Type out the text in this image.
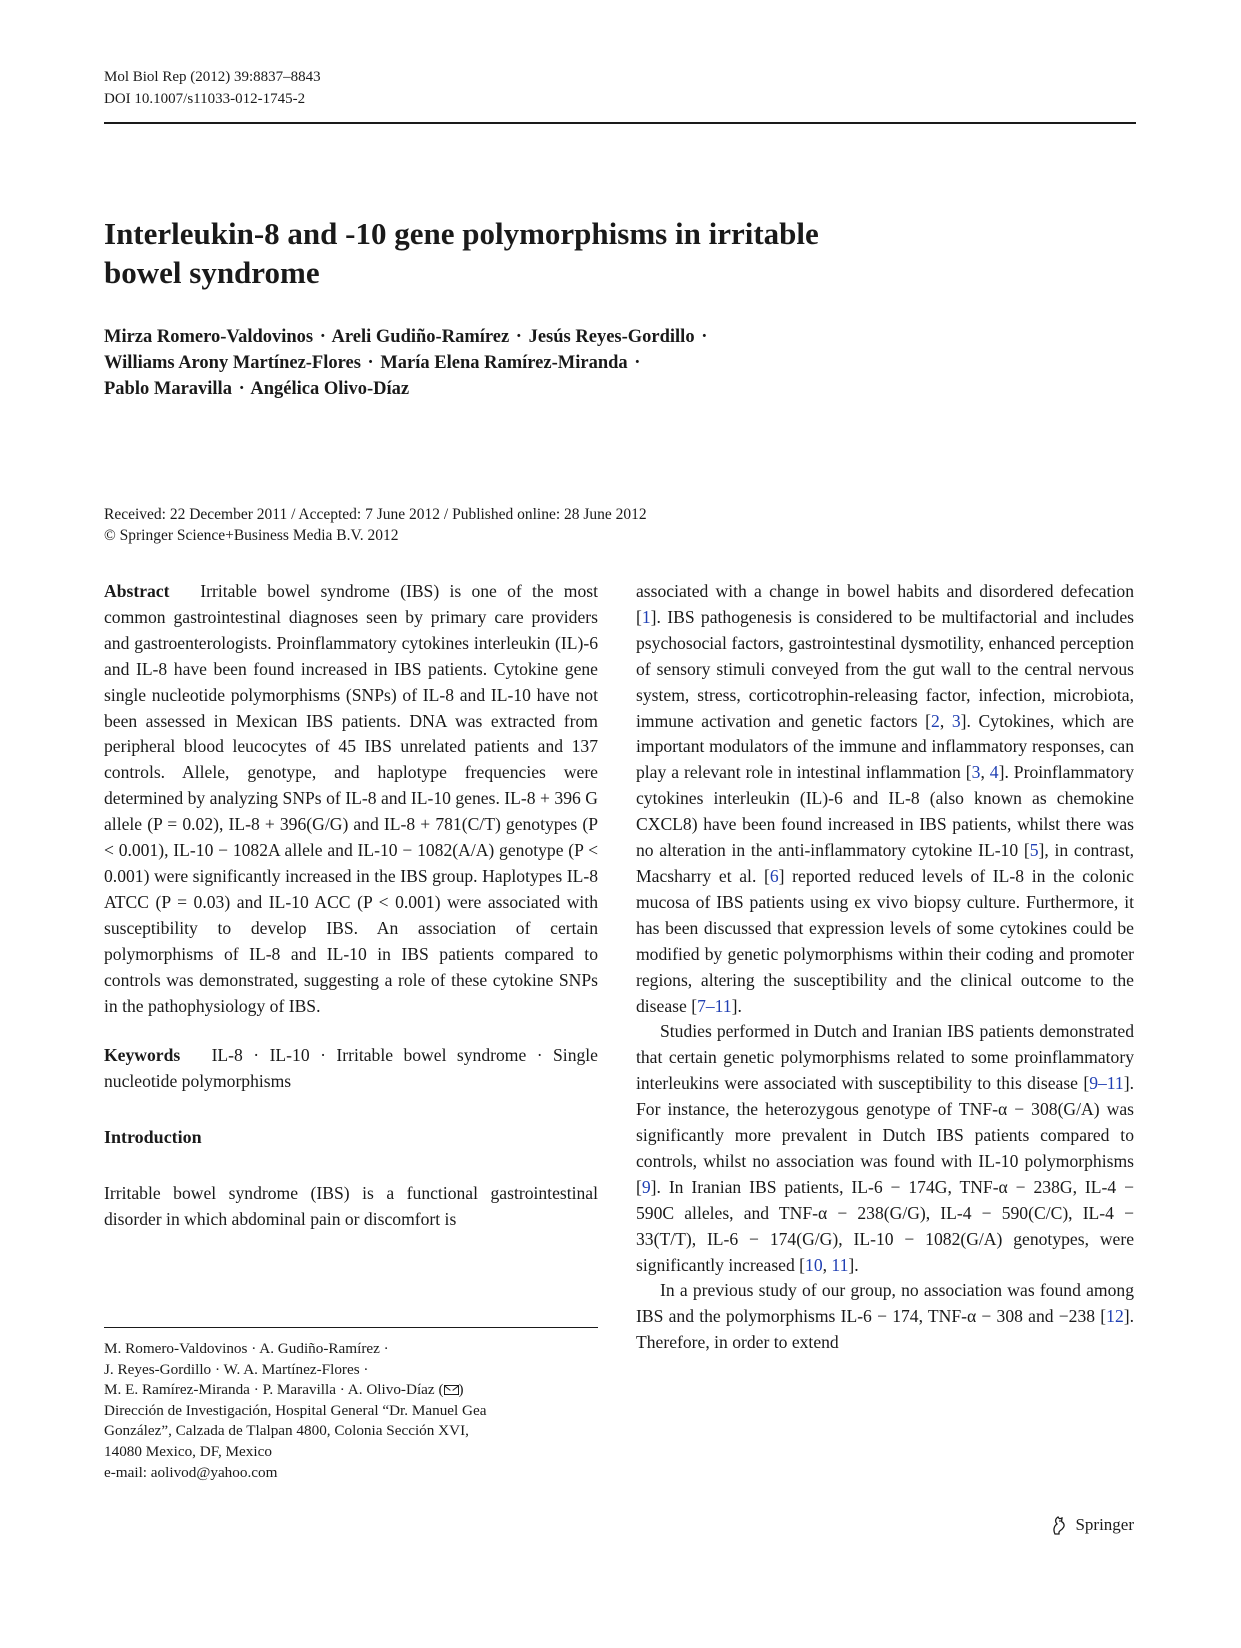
Mol Biol Rep (2012) 39:8837–8843
DOI 10.1007/s11033-012-1745-2
Interleukin-8 and -10 gene polymorphisms in irritable
bowel syndrome
Mirza Romero-Valdovinos · Areli Gudiño-Ramírez · Jesús Reyes-Gordillo ·
Williams Arony Martínez-Flores · María Elena Ramírez-Miranda ·
Pablo Maravilla · Angélica Olivo-Díaz
Received: 22 December 2011 / Accepted: 7 June 2012 / Published online: 28 June 2012
© Springer Science+Business Media B.V. 2012

Abstract Irritable bowel syndrome (IBS) is one of the most common gastrointestinal diagnoses seen by primary care providers and gastroenterologists. Proinflammatory cytokines interleukin (IL)-6 and IL-8 have been found increased in IBS patients. Cytokine gene single nucleotide polymorphisms (SNPs) of IL-8 and IL-10 have not been assessed in Mexican IBS patients. DNA was extracted from peripheral blood leucocytes of 45 IBS unrelated patients and 137 controls. Allele, genotype, and haplotype frequencies were determined by analyzing SNPs of IL-8 and IL-10 genes. IL-8 + 396 G allele (P = 0.02), IL-8 + 396(G/G) and IL-8 + 781(C/T) genotypes (P < 0.001), IL-10 − 1082A allele and IL-10 − 1082(A/A) genotype (P < 0.001) were significantly increased in the IBS group. Haplotypes IL-8 ATCC (P = 0.03) and IL-10 ACC (P < 0.001) were associated with susceptibility to develop IBS. An association of certain polymorphisms of IL-8 and IL-10 in IBS patients compared to controls was demonstrated, suggesting a role of these cytokine SNPs in the pathophysiology of IBS.

Keywords IL-8 · IL-10 · Irritable bowel syndrome · Single nucleotide polymorphisms

Introduction

Irritable bowel syndrome (IBS) is a functional gastrointestinal disorder in which abdominal pain or discomfort is

M. Romero-Valdovinos · A. Gudiño-Ramírez ·
J. Reyes-Gordillo · W. A. Martínez-Flores ·
M. E. Ramírez-Miranda · P. Maravilla · A. Olivo-Díaz ( )
Dirección de Investigación, Hospital General “Dr. Manuel Gea
González”, Calzada de Tlalpan 4800, Colonia Sección XVI,
14080 Mexico, DF, Mexico
e-mail: aolivod@yahoo.com

associated with a change in bowel habits and disordered defecation [1]. IBS pathogenesis is considered to be multifactorial and includes psychosocial factors, gastrointestinal dysmotility, enhanced perception of sensory stimuli conveyed from the gut wall to the central nervous system, stress, corticotrophin-releasing factor, infection, microbiota, immune activation and genetic factors [2, 3]. Cytokines, which are important modulators of the immune and inflammatory responses, can play a relevant role in intestinal inflammation [3, 4]. Proinflammatory cytokines interleukin (IL)-6 and IL-8 (also known as chemokine CXCL8) have been found increased in IBS patients, whilst there was no alteration in the anti-inflammatory cytokine IL-10 [5], in contrast, Macsharry et al. [6] reported reduced levels of IL-8 in the colonic mucosa of IBS patients using ex vivo biopsy culture. Furthermore, it has been discussed that expression levels of some cytokines could be modified by genetic polymorphisms within their coding and promoter regions, altering the susceptibility and the clinical outcome to the disease [7–11].

Studies performed in Dutch and Iranian IBS patients demonstrated that certain genetic polymorphisms related to some proinflammatory interleukins were associated with susceptibility to this disease [9–11]. For instance, the heterozygous genotype of TNF-α − 308(G/A) was significantly more prevalent in Dutch IBS patients compared to controls, whilst no association was found with IL-10 polymorphisms [9]. In Iranian IBS patients, IL-6 − 174G, TNF-α − 238G, IL-4 − 590C alleles, and TNF-α − 238(G/G), IL-4 − 590(C/C), IL-4 − 33(T/T), IL-6 − 174(G/G), IL-10 − 1082(G/A) genotypes, were significantly increased [10, 11].

In a previous study of our group, no association was found among IBS and the polymorphisms IL-6 − 174, TNF-α − 308 and −238 [12]. Therefore, in order to extend

Springer
